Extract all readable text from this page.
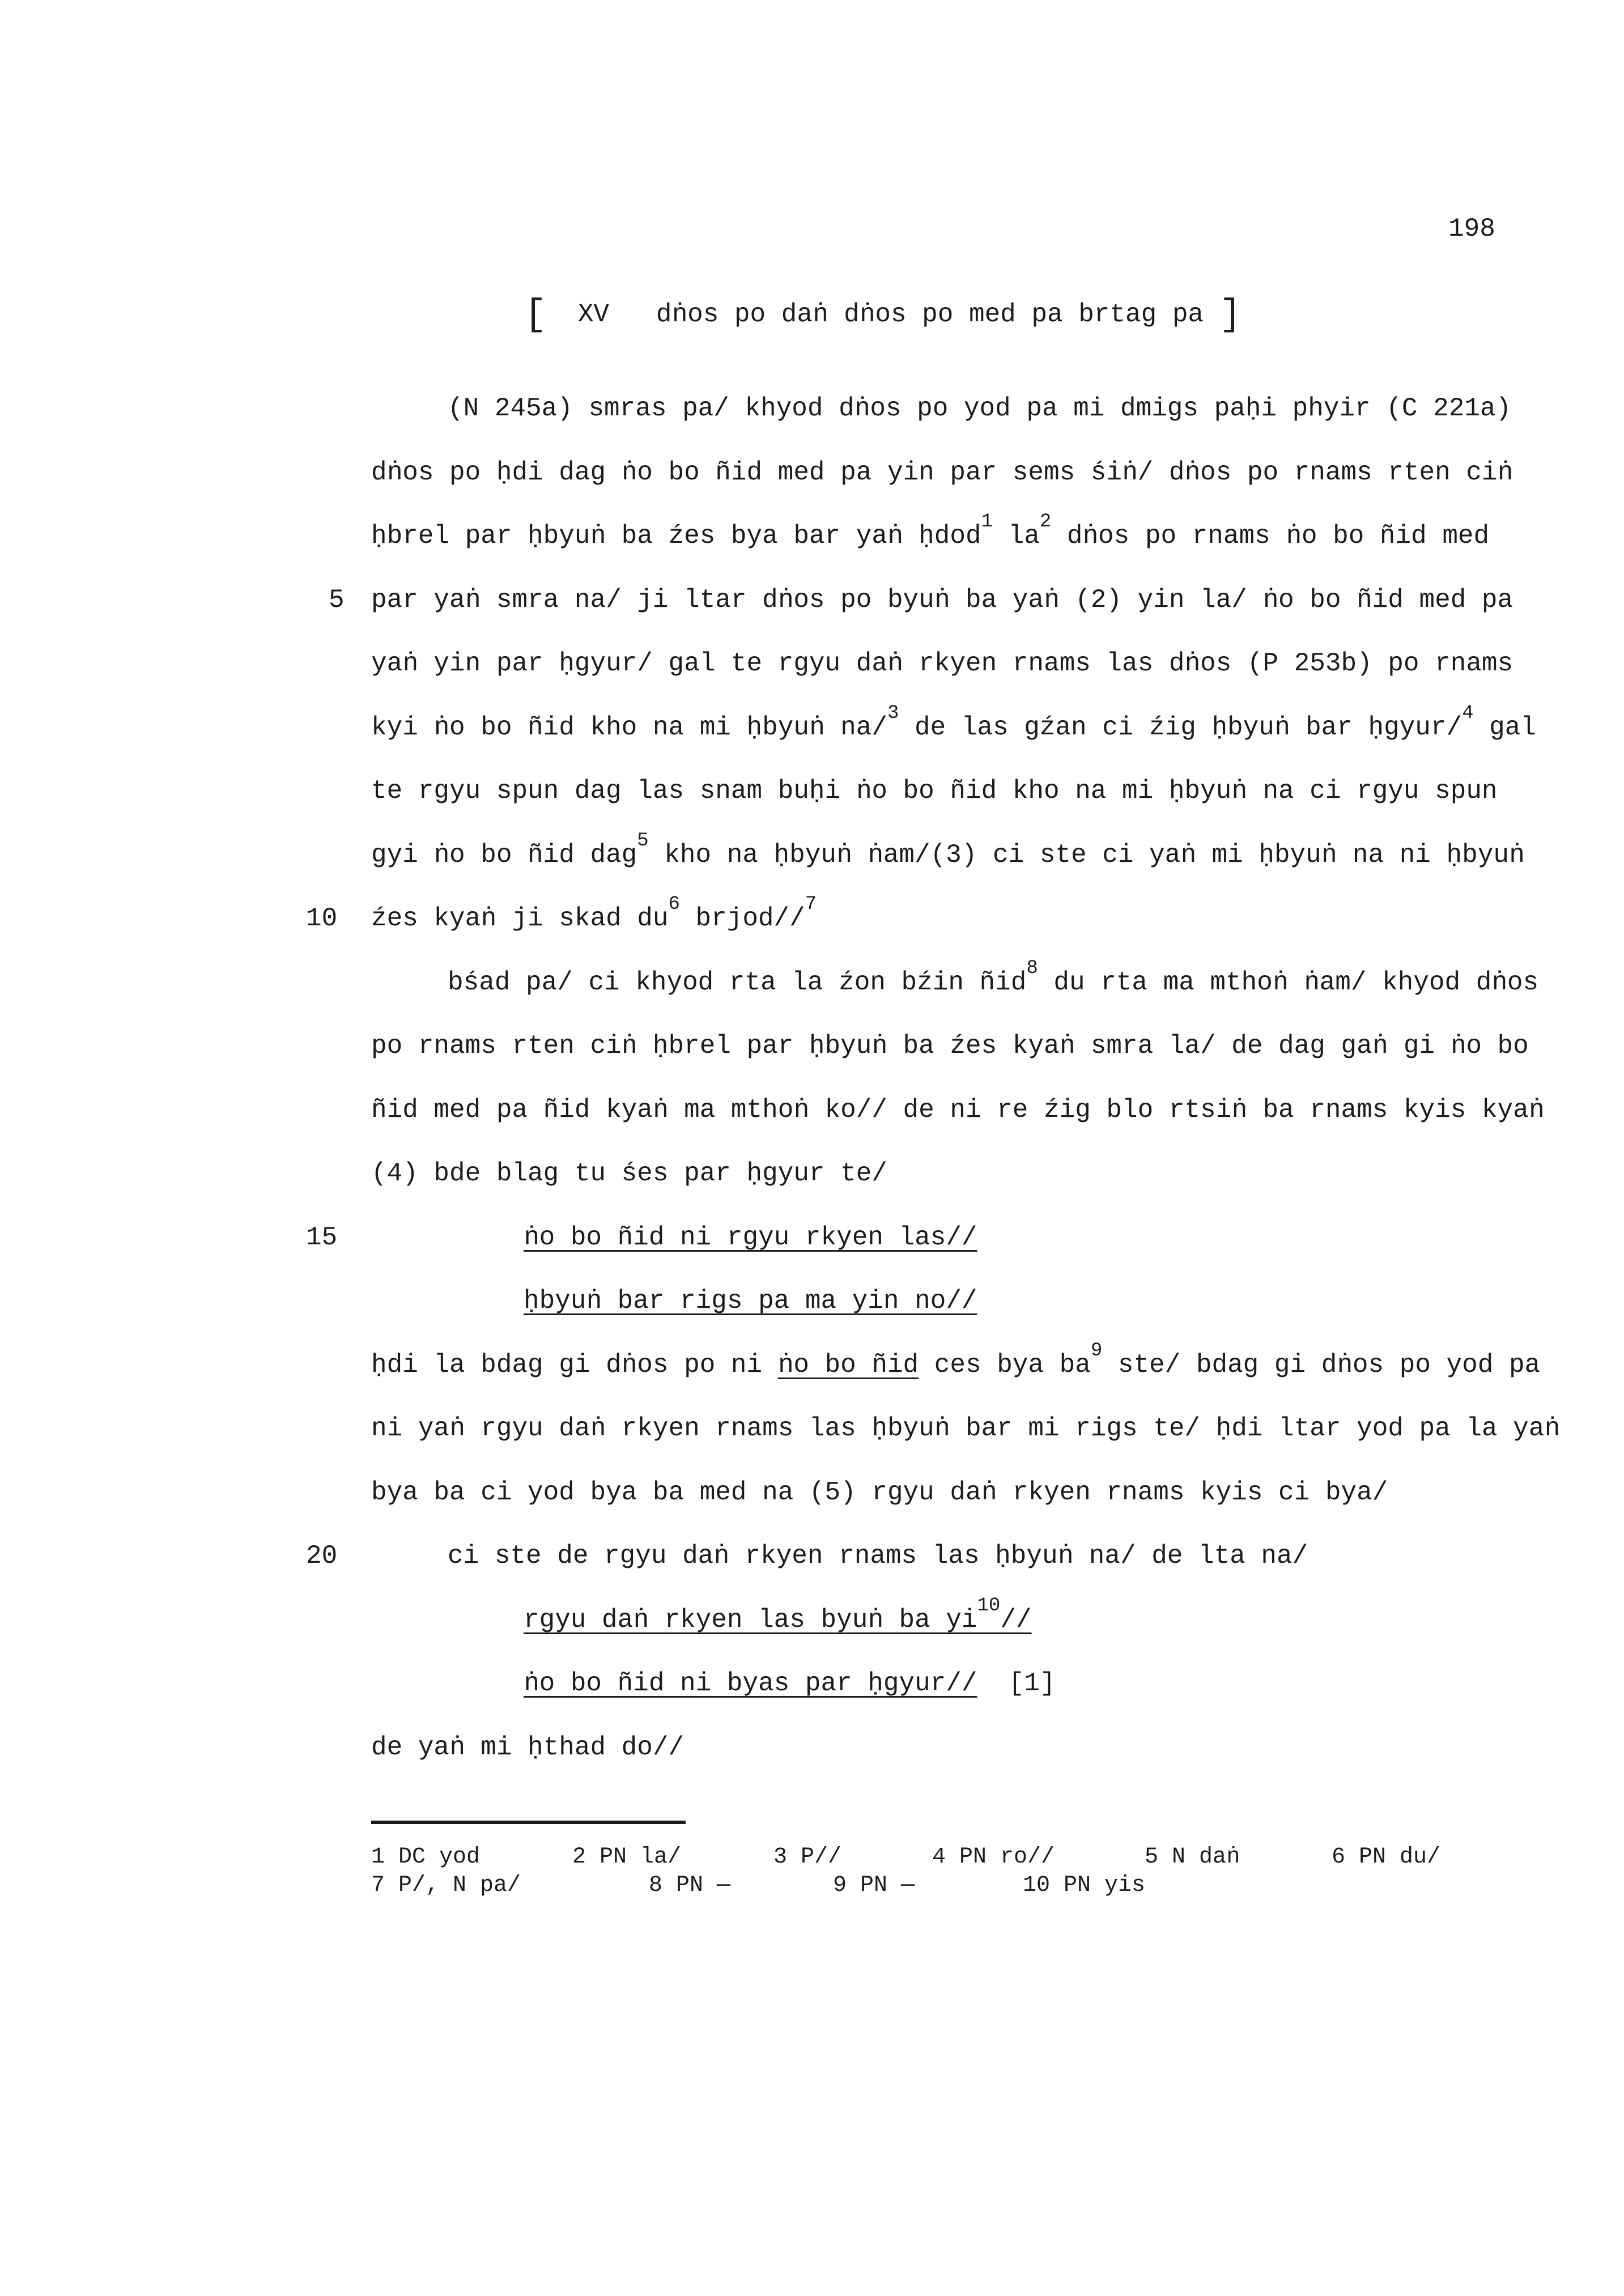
198
[ XV dṅos po daṅ dṅos po med pa brtag pa ]
(N 245a) smras pa/ khyod dṅos po yod pa mi dmigs paḥi phyir (C 221a)
dṅos po ḥdi dag ṅo bo ñid med pa yin par sems śiṅ/ dṅos po rnams rten ciṅ
ḥbrel par ḥbyuṅ ba źes bya bar yaṅ ḥdod$^1$ $la^2$ dṅos po rnams ṅo bo ñid med
5 par yaṅ smra na/ ji ltar dṅos po byuṅ ba yaṅ (2) yin la/ ṅo bo ñid med pa
yaṅ yin par ḥgyur/ gal te rgyu daṅ rkyen rnams las dṅos (P 253b) po rnams
kyi ṅo bo ñid kho na mi ḥbyuṅ na/$^3$ de las gźan ci źig ḥbyuṅ bar ḥgyur/$^4$ gal
te rgyu spun dag las snam buḥi ṅo bo ñid kho na mi ḥbyuṅ na ci rgyu spun
gyi ṅo bo ñid dag$^5$ kho na ḥbyuṅ ṅam/(3) ci ste ci yaṅ mi ḥbyuṅ na ni ḥbyuṅ
10 źes kyaṅ ji skad $du^6$ brjod//$^7$
bśad pa/ ci khyod rta la źon bźin ñid$^8$ du rta ma mthoṅ ṅam/ khyod dṅos
po rnams rten ciṅ ḥbrel par ḥbyuṅ ba źes kyaṅ smra la/ de dag gaṅ gi ṅo bo
ñid med pa ñid kyaṅ ma mthoṅ ko// de ni re źig blo rtsiṅ ba rnams kyis kyaṅ
(4) bde blag tu śes par ḥgyur te/
15	ṅo bo ñid ni rgyu rkyen las//
ḥbyuṅ bar rigs pa ma yin no//
ḥdi la bdag gi dṅos po ni ṅo bo ñid ces bya $ba^9$ ste/ bdag gi dṅos po yod pa
ni yaṅ rgyu daṅ rkyen rnams las ḥbyuṅ bar mi rigs te/ ḥdi ltar yod pa la yaṅ
bya ba ci yod bya ba med na (5) rgyu daṅ rkyen rnams kyis ci bya/
20	ci ste de rgyu daṅ rkyen rnams las ḥbyuṅ na/ de lta na/
rgyu daṅ rkyen las byuṅ ba $yi^{10}//$
ṅo bo ñid ni byas par ḥgyur// [1]
de yaṅ mi ḥthad do//
1 DC yod	2 PN la/	3 P//	4 PN ro//	5 N daṅ	6 PN du/
7 P/, N pa/	8 PN —	9 PN —	10 PN yis
